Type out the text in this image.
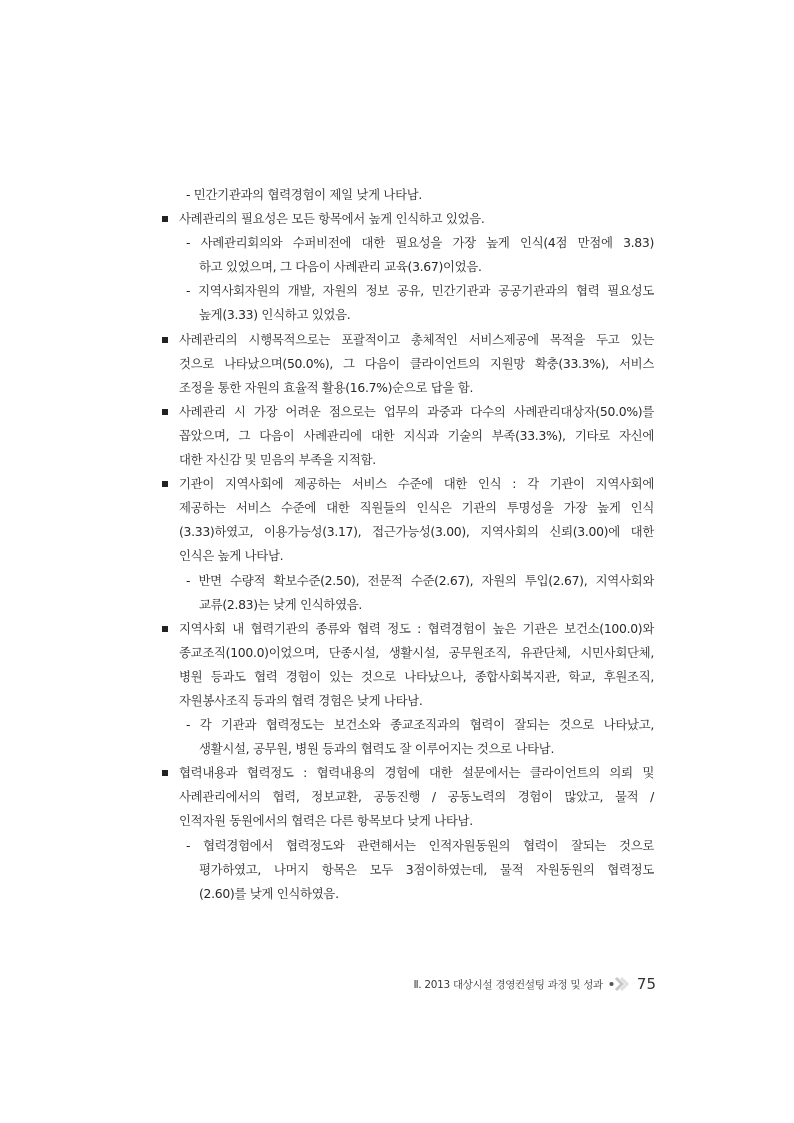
- 민간기관과의 협력경험이 제일 낮게 나타남.
사례관리의 필요성은 모든 항목에서 높게 인식하고 있었음.
- 사례관리회의와 수퍼비전에 대한 필요성을 가장 높게 인식(4점 만점에 3.83)
하고 있었으며, 그 다음이 사례관리 교육(3.67)이었음.
- 지역사회자원의 개발, 자원의 정보 공유, 민간기관과 공공기관과의 협력 필요성도
높게(3.33) 인식하고 있었음.
사례관리의 시행목적으로는 포괄적이고 총체적인 서비스제공에 목적을 두고 있는
것으로 나타났으며(50.0%), 그 다음이 클라이언트의 지원망 확충(33.3%), 서비스
조정을 통한 자원의 효율적 활용(16.7%)순으로 답을 함.
사례관리 시 가장 어려운 점으로는 업무의 과중과 다수의 사례관리대상자(50.0%)를
꼽았으며, 그 다음이 사례관리에 대한 지식과 기술의 부족(33.3%), 기타로 자신에
대한 자신감 및 믿음의 부족을 지적함.
기관이 지역사회에 제공하는 서비스 수준에 대한 인식 : 각 기관이 지역사회에
제공하는 서비스 수준에 대한 직원들의 인식은 기관의 투명성을 가장 높게 인식
(3.33)하였고, 이용가능성(3.17), 접근가능성(3.00), 지역사회의 신뢰(3.00)에 대한
인식은 높게 나타남.
- 반면 수량적 확보수준(2.50), 전문적 수준(2.67), 자원의 투입(2.67), 지역사회와
교류(2.83)는 낮게 인식하였음.
지역사회 내 협력기관의 종류와 협력 정도 : 협력경험이 높은 기관은 보건소(100.0)와
종교조직(100.0)이었으며, 단종시설, 생활시설, 공무원조직, 유관단체, 시민사회단체,
병원 등과도 협력 경험이 있는 것으로 나타났으나, 종합사회복지관, 학교, 후원조직,
자원봉사조직 등과의 협력 경험은 낮게 나타남.
- 각 기관과 협력정도는 보건소와 종교조직과의 협력이 잘되는 것으로 나타났고,
생활시설, 공무원, 병원 등과의 협력도 잘 이루어지는 것으로 나타남.
협력내용과 협력정도 : 협력내용의 경험에 대한 설문에서는 클라이언트의 의뢰 및
사례관리에서의 협력, 정보교환, 공동진행 / 공동노력의 경험이 많았고, 물적 /
인적자원 동원에서의 협력은 다른 항목보다 낮게 나타남.
- 협력경험에서 협력정도와 관련해서는 인적자원동원의 협력이 잘되는 것으로
평가하였고, 나머지 항목은 모두 3점이하였는데, 물적 자원동원의 협력정도
(2.60)를 낮게 인식하였음.
Ⅱ. 2013 대상시설 경영컨설팅 과정 및 성과 75
